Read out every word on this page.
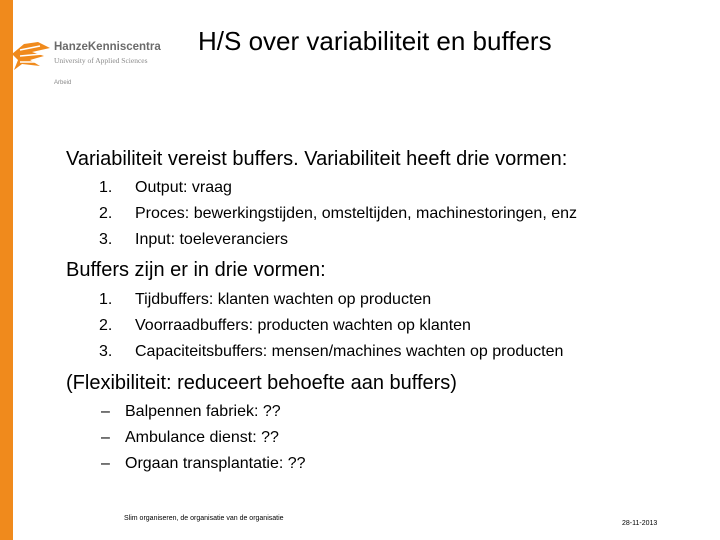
HanzeKenniscentra
University of Applied Sciences
Arbeid
H/S over variabiliteit en buffers
Variabiliteit vereist buffers. Variabiliteit heeft drie vormen:
1. Output: vraag
2. Proces: bewerkingstijden, omsteltijden, machinestoringen, enz
3. Input: toeleveranciers
Buffers zijn er in drie vormen:
1. Tijdbuffers: klanten wachten op producten
2. Voorraadbuffers: producten wachten op klanten
3. Capaciteitsbuffers: mensen/machines wachten op producten
(Flexibiliteit: reduceert behoefte aan buffers)
– Balpennen fabriek: ??
– Ambulance dienst: ??
– Orgaan transplantatie: ??
Slim organiseren, de organisatie van de organisatie
28-11-2013
